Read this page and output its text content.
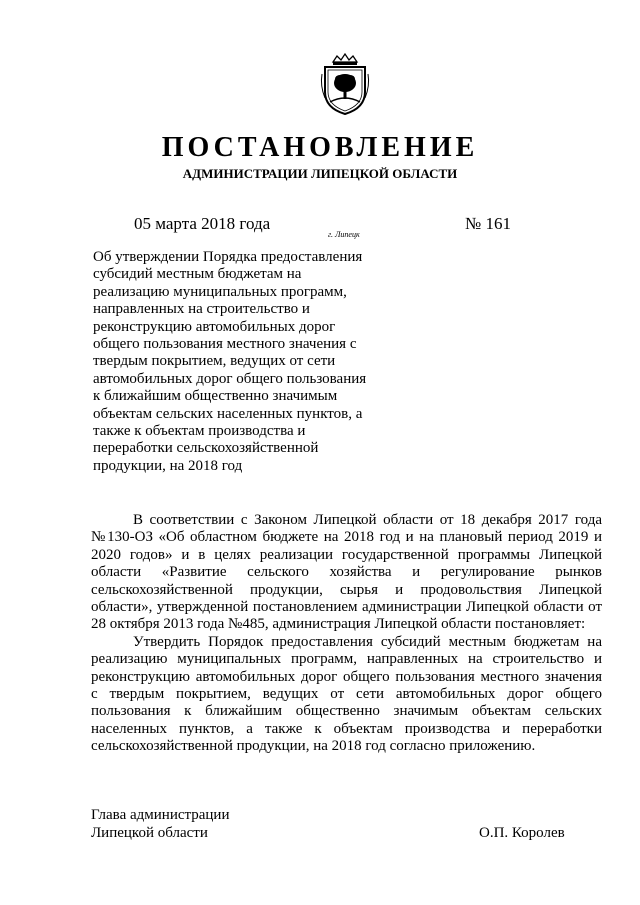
ПОСТАНОВЛЕНИЕ
АДМИНИСТРАЦИИ ЛИПЕЦКОЙ ОБЛАСТИ
05 марта 2018 года
г. Липецк
№ 161
Об утверждении Порядка предоставления
субсидий местным бюджетам на
реализацию муниципальных программ,
направленных на строительство и
реконструкцию автомобильных дорог
общего пользования местного значения с
твердым покрытием, ведущих от сети
автомобильных дорог общего пользования
к ближайшим общественно значимым
объектам сельских населенных пунктов, а
также к объектам производства и
переработки сельскохозяйственной
продукции, на 2018 год

В соответствии с Законом Липецкой области от 18 декабря 2017 года
№130-ОЗ «Об областном бюджете на 2018 год и на плановый период 2019 и
2020 годов» и в целях реализации государственной программы Липецкой
области «Развитие сельского хозяйства и регулирование рынков
сельскохозяйственной продукции, сырья и продовольствия Липецкой
области», утвержденной постановлением администрации Липецкой области от
28 октября 2013 года №485, администрация Липецкой области постановляет:

Утвердить Порядок предоставления субсидий местным бюджетам на
реализацию муниципальных программ, направленных на строительство и
реконструкцию автомобильных дорог общего пользования местного значения
с твердым покрытием, ведущих от сети автомобильных дорог общего
пользования к ближайшим общественно значимым объектам сельских
населенных пунктов, а также к объектам производства и переработки
сельскохозяйственной продукции, на 2018 год согласно приложению.

Глава администрации
Липецкой области	О.П. Королев
